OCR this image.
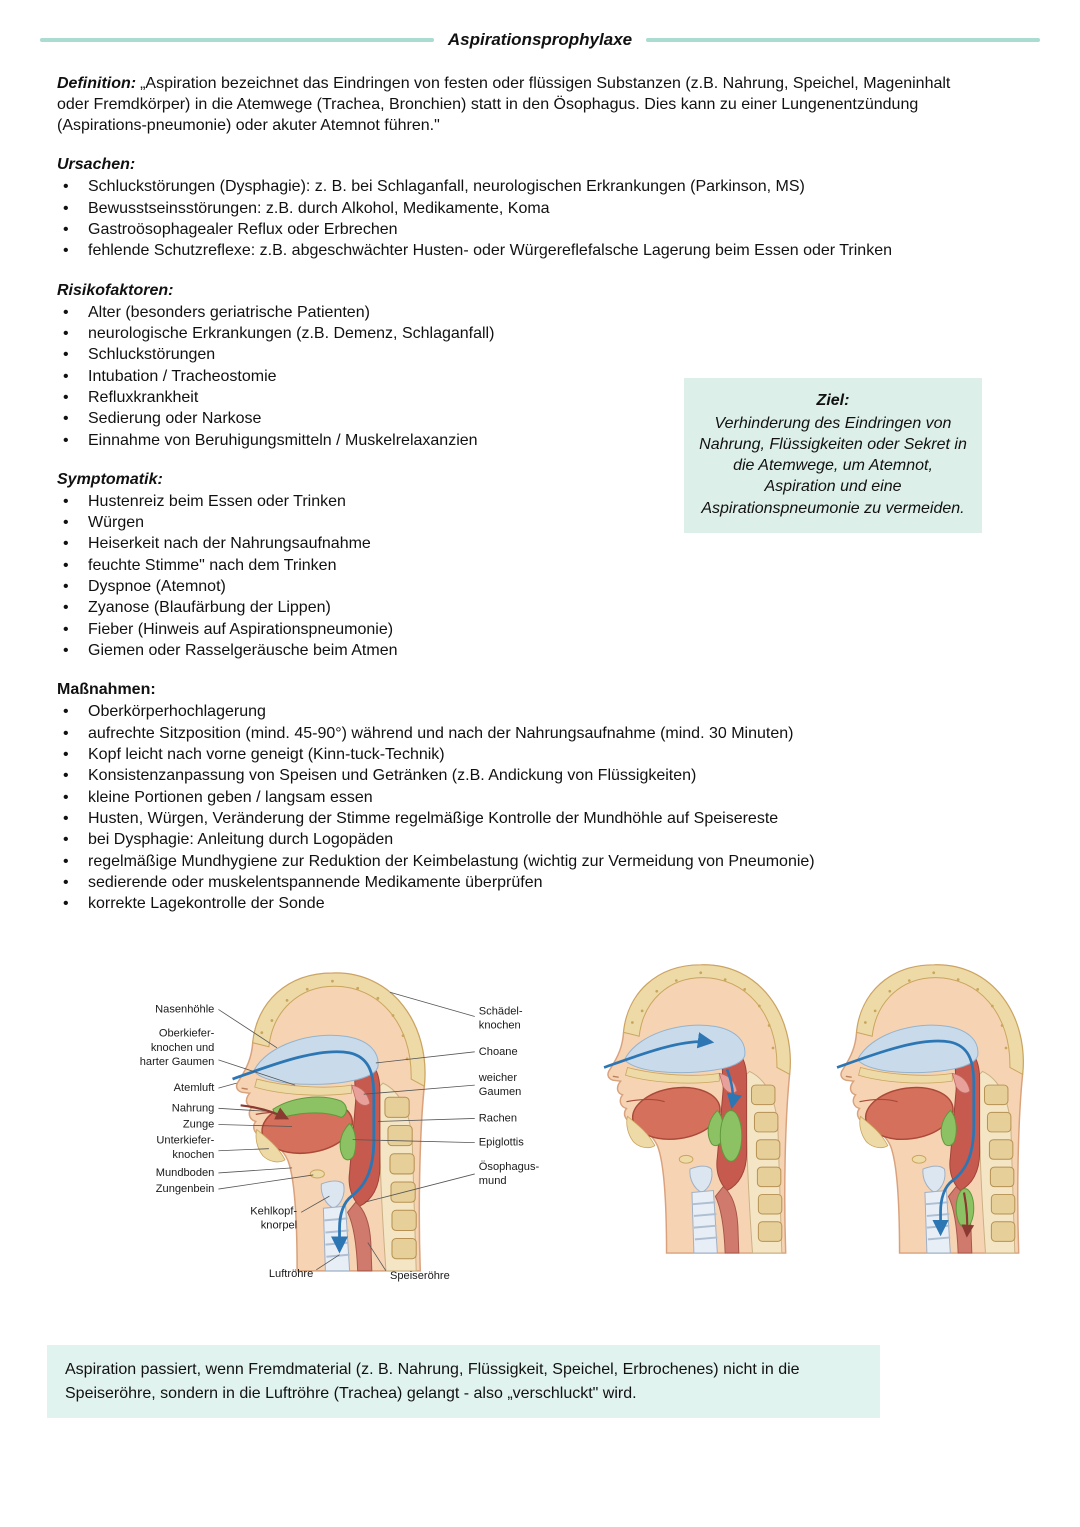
Aspirationsprophylaxe

Definition: „Aspiration bezeichnet das Eindringen von festen oder flüssigen Substanzen (z.B. Nahrung, Speichel, Mageninhalt oder Fremdkörper) in die Atemwege (Trachea, Bronchien) statt in den Ösophagus. Dies kann zu einer Lungenentzündung (Aspirations-pneumonie) oder akuter Atemnot führen."

Ursachen:
• Schluckstörungen (Dysphagie): z. B. bei Schlaganfall, neurologischen Erkrankungen (Parkinson, MS)
• Bewusstseinsstörungen: z.B. durch Alkohol, Medikamente, Koma
• Gastroösophagealer Reflux oder Erbrechen
• fehlende Schutzreflexe: z.B. abgeschwächter Husten- oder Würgereflefalsche Lagerung beim Essen oder Trinken
Risikofaktoren:
• Alter (besonders geriatrische Patienten)
• neurologische Erkrankungen (z.B. Demenz, Schlaganfall)
• Schluckstörungen
• Intubation / Tracheostomie
• Refluxkrankheit
• Sedierung oder Narkose
• Einnahme von Beruhigungsmitteln / Muskelrelaxanzien
Ziel:
Verhinderung des Eindringen von Nahrung, Flüssigkeiten oder Sekret in die Atemwege, um Atemnot, Aspiration und eine Aspirationspneumonie zu vermeiden.
Symptomatik:
• Hustenreiz beim Essen oder Trinken
• Würgen
• Heiserkeit nach der Nahrungsaufnahme
• feuchte Stimme" nach dem Trinken
• Dyspnoe (Atemnot)
• Zyanose (Blaufärbung der Lippen)
• Fieber (Hinweis auf Aspirationspneumonie)
• Giemen oder Rasselgeräusche beim Atmen
Maßnahmen:
• Oberkörperhochlagerung
• aufrechte Sitzposition (mind. 45-90°) während und nach der Nahrungsaufnahme (mind. 30 Minuten)
• Kopf leicht nach vorne geneigt (Kinn-tuck-Technik)
• Konsistenzanpassung von Speisen und Getränken (z.B. Andickung von Flüssigkeiten)
• kleine Portionen geben / langsam essen
• Husten, Würgen, Veränderung der Stimme regelmäßige Kontrolle der Mundhöhle auf Speisereste
• bei Dysphagie: Anleitung durch Logopäden
• regelmäßige Mundhygiene zur Reduktion der Keimbelastung (wichtig zur Vermeidung von Pneumonie)
• sedierende oder muskelentspannende Medikamente überprüfen
• korrekte Lagekontrolle der Sonde
Nasenhöhle
Oberkiefer-
knochen und
harter Gaumen
Atemluft
Nahrung
Zunge
Unterkiefer-
knochen
Mundboden
Zungenbein
Kehlkopf-
knorpel
Luftröhre
Schädel-
knochen
Choane
weicher
Gaumen
Rachen
Epiglottis
Ösophagus-
mund
Speiseröhre
Aspiration passiert, wenn Fremdmaterial (z. B. Nahrung, Flüssigkeit, Speichel, Erbrochenes) nicht in die Speiseröhre, sondern in die Luftröhre (Trachea) gelangt - also „verschluckt" wird.
